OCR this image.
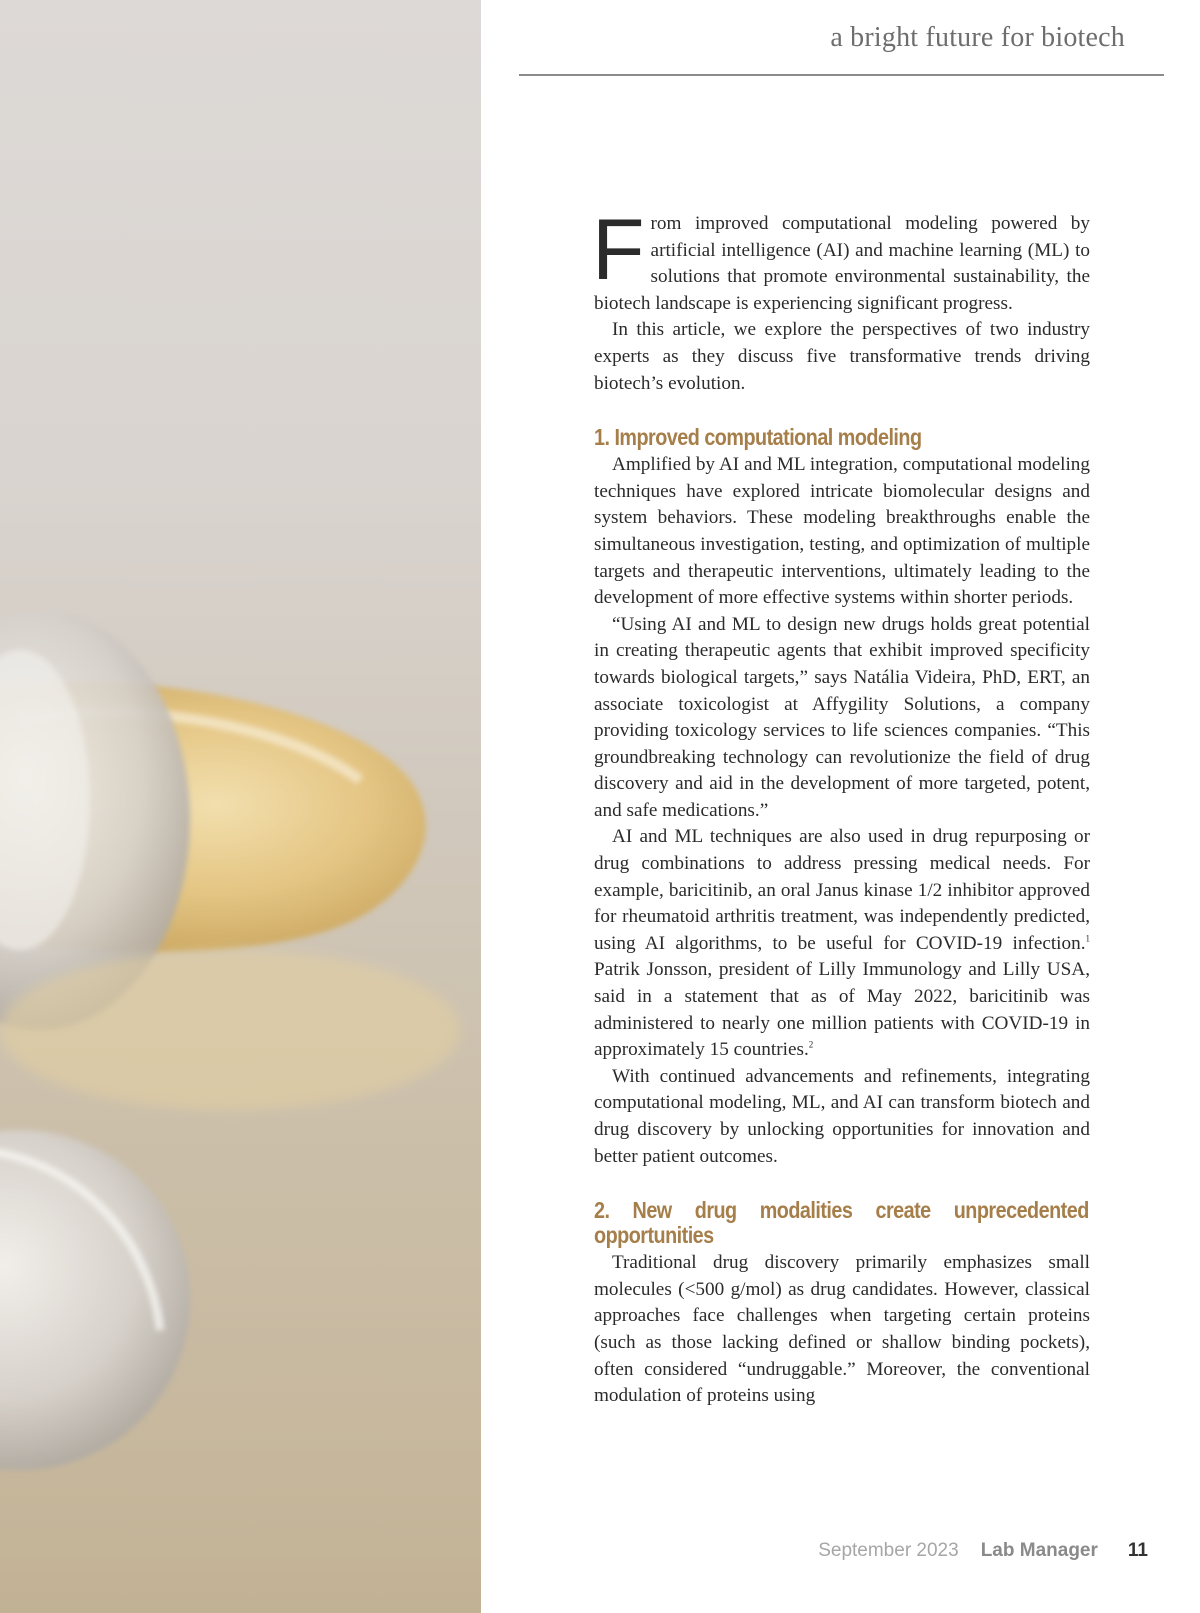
a bright future for biotech

From improved computational modeling powered by artificial intelligence (AI) and machine learning (ML) to solutions that promote environmental sustainability, the biotech landscape is experiencing significant progress.

In this article, we explore the perspectives of two industry experts as they discuss five transformative trends driving biotech’s evolution.

1. Improved computational modeling

Amplified by AI and ML integration, computational modeling techniques have explored intricate biomolecular designs and system behaviors. These modeling breakthroughs enable the simultaneous investigation, testing, and optimization of multiple targets and therapeutic interventions, ultimately leading to the development of more effective systems within shorter periods.

“Using AI and ML to design new drugs holds great potential in creating therapeutic agents that exhibit improved specificity towards biological targets,” says Natália Videira, PhD, ERT, an associate toxicologist at Affygility Solutions, a company providing toxicology services to life sciences companies. “This groundbreaking technology can revolutionize the field of drug discovery and aid in the development of more targeted, potent, and safe medications.”

AI and ML techniques are also used in drug repurposing or drug combinations to address pressing medical needs. For example, baricitinib, an oral Janus kinase 1/2 inhibitor approved for rheumatoid arthritis treatment, was independently predicted, using AI algorithms, to be useful for COVID-19 infection.$^1$ Patrik Jonsson, president of Lilly Immunology and Lilly USA, said in a statement that as of May 2022, baricitinib was administered to nearly one million patients with COVID-19 in approximately 15 countries.$^2$

With continued advancements and refinements, integrating computational modeling, ML, and AI can transform biotech and drug discovery by unlocking opportunities for innovation and better patient outcomes.

2. New drug modalities create unprecedented opportunities

Traditional drug discovery primarily emphasizes small molecules (<500 g/mol) as drug candidates. However, classical approaches face challenges when targeting certain proteins (such as those lacking defined or shallow binding pockets), often considered “undruggable.” Moreover, the conventional modulation of proteins using

September 2023 Lab Manager 11
